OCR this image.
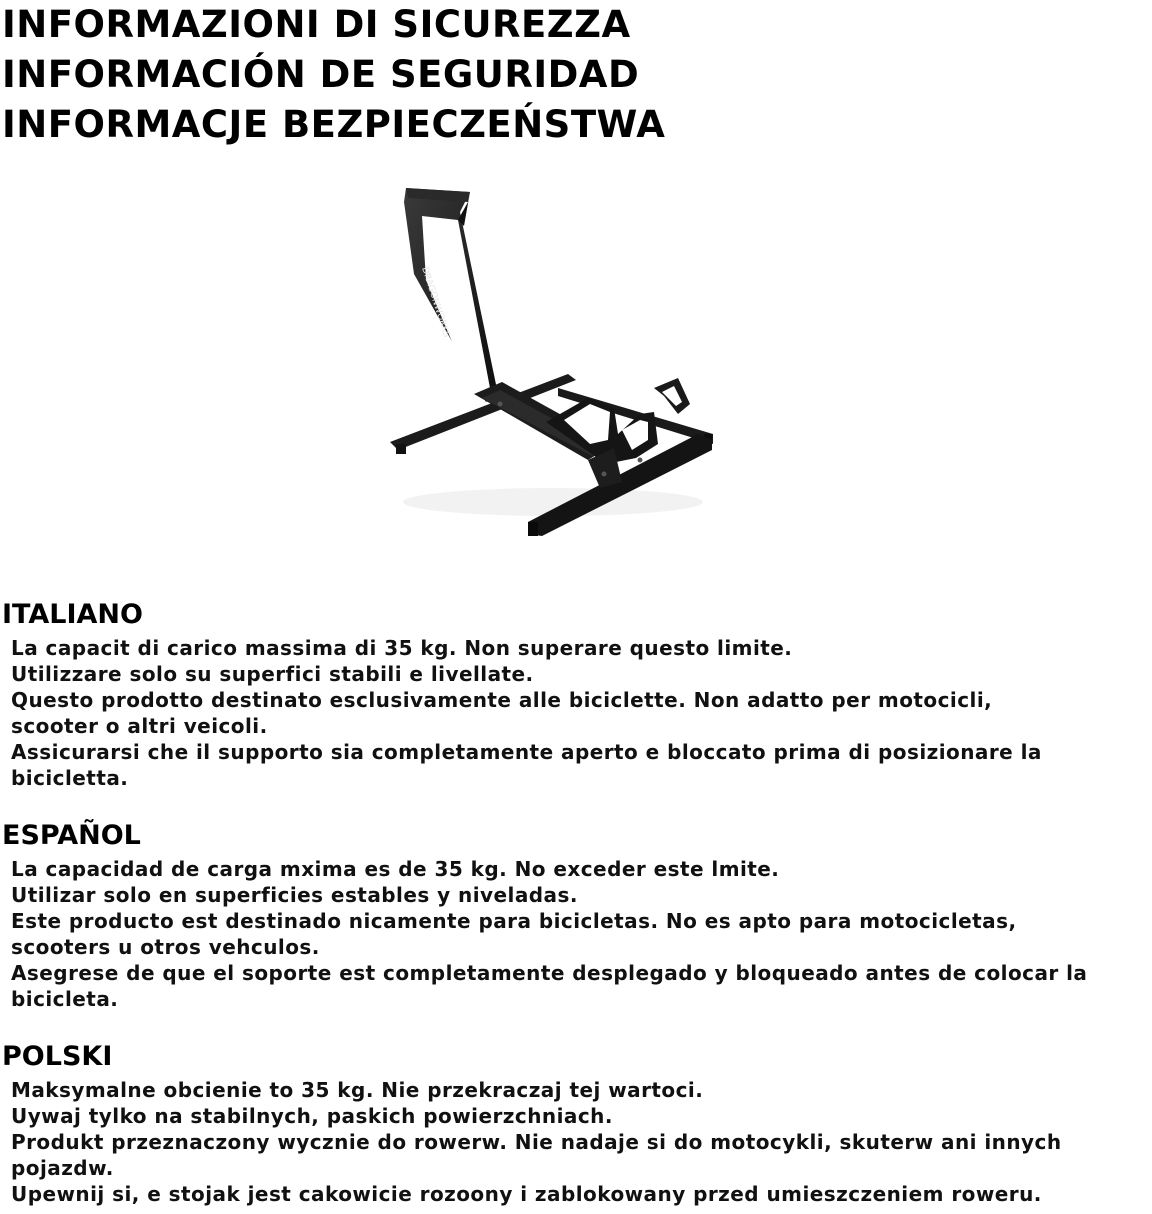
INFORMAZIONI DI SICUREZZA
INFORMACIÓN DE SEGURIDAD
INFORMACJE BEZPIECZEŃSTWA
DRAGONWORKS
ITALIANO
La capacit di carico massima di 35 kg. Non superare questo limite.
Utilizzare solo su superfici stabili e livellate.
Questo prodotto destinato esclusivamente alle biciclette. Non adatto per motocicli,
scooter o altri veicoli.
Assicurarsi che il supporto sia completamente aperto e bloccato prima di posizionare la
bicicletta.
ESPAÑOL
La capacidad de carga mxima es de 35 kg. No exceder este lmite.
Utilizar solo en superficies estables y niveladas.
Este producto est destinado nicamente para bicicletas. No es apto para motocicletas,
scooters u otros vehculos.
Asegrese de que el soporte est completamente desplegado y bloqueado antes de colocar la
bicicleta.
POLSKI
Maksymalne obcienie to 35 kg. Nie przekraczaj tej wartoci.
Uywaj tylko na stabilnych, paskich powierzchniach.
Produkt przeznaczony wycznie do rowerw. Nie nadaje si do motocykli, skuterw ani innych
pojazdw.
Upewnij si, e stojak jest cakowicie rozoony i zablokowany przed umieszczeniem roweru.
